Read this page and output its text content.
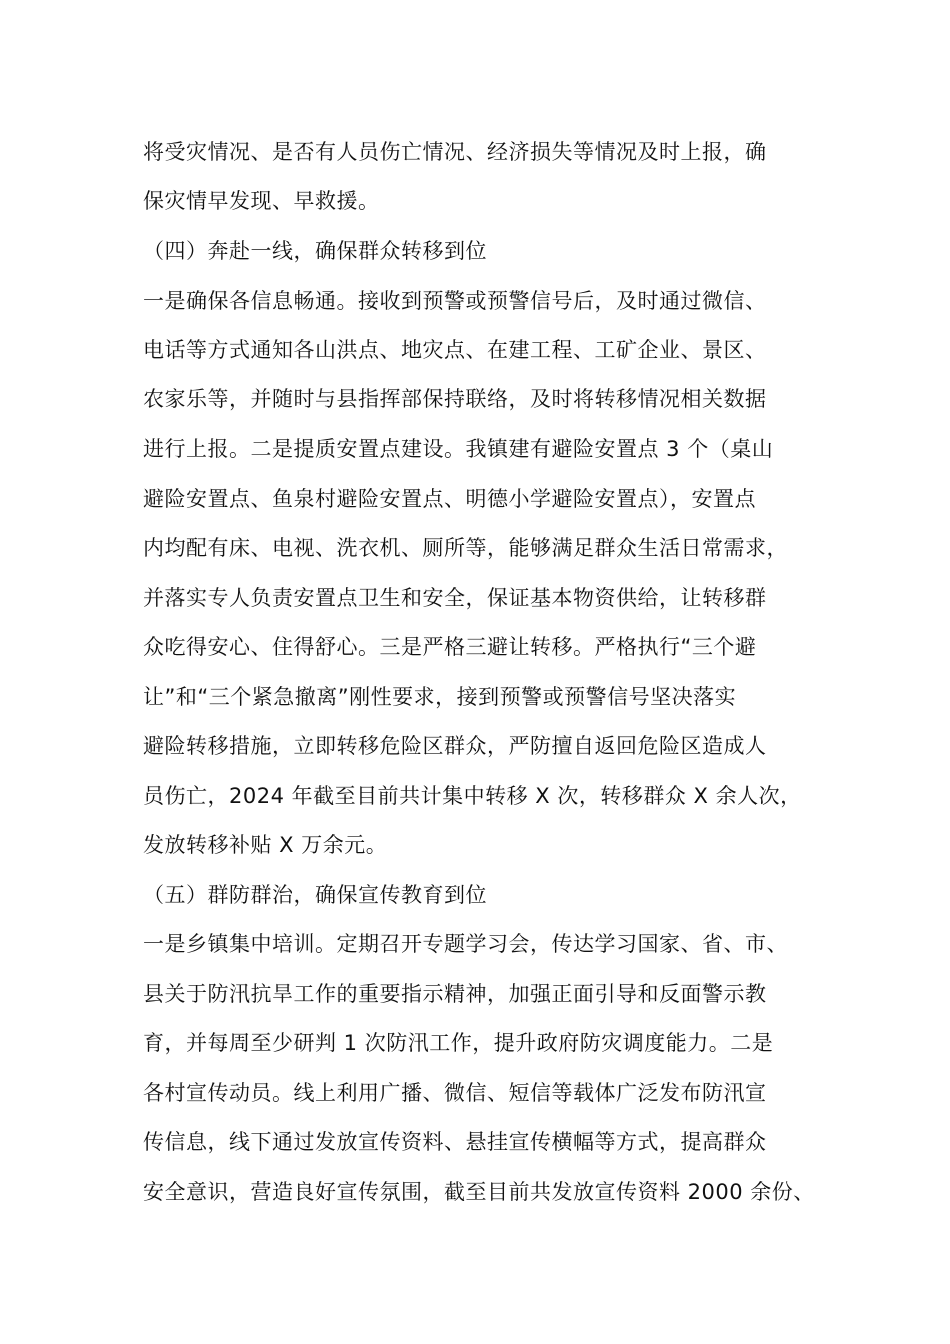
将受灾情况、是否有人员伤亡情况、经济损失等情况及时上报，确
保灾情早发现、早救援。
（四）奔赴一线，确保群众转移到位
一是确保各信息畅通。接收到预警或预警信号后，及时通过微信、
电话等方式通知各山洪点、地灾点、在建工程、工矿企业、景区、
农家乐等，并随时与县指挥部保持联络，及时将转移情况相关数据
进行上报。二是提质安置点建设。我镇建有避险安置点 3 个（桌山
避险安置点、鱼泉村避险安置点、明德小学避险安置点），安置点
内均配有床、电视、洗衣机、厕所等，能够满足群众生活日常需求，
并落实专人负责安置点卫生和安全，保证基本物资供给，让转移群
众吃得安心、住得舒心。三是严格三避让转移。严格执行“三个避
让”和“三个紧急撤离”刚性要求，接到预警或预警信号坚决落实
避险转移措施，立即转移危险区群众，严防擅自返回危险区造成人
员伤亡，2024 年截至目前共计集中转移 X 次，转移群众 X 余人次，
发放转移补贴 X 万余元。
（五）群防群治，确保宣传教育到位
一是乡镇集中培训。定期召开专题学习会，传达学习国家、省、市、
县关于防汛抗旱工作的重要指示精神，加强正面引导和反面警示教
育，并每周至少研判 1 次防汛工作，提升政府防灾调度能力。二是
各村宣传动员。线上利用广播、微信、短信等载体广泛发布防汛宣
传信息，线下通过发放宣传资料、悬挂宣传横幅等方式，提高群众
安全意识，营造良好宣传氛围，截至目前共发放宣传资料 2000 余份、
